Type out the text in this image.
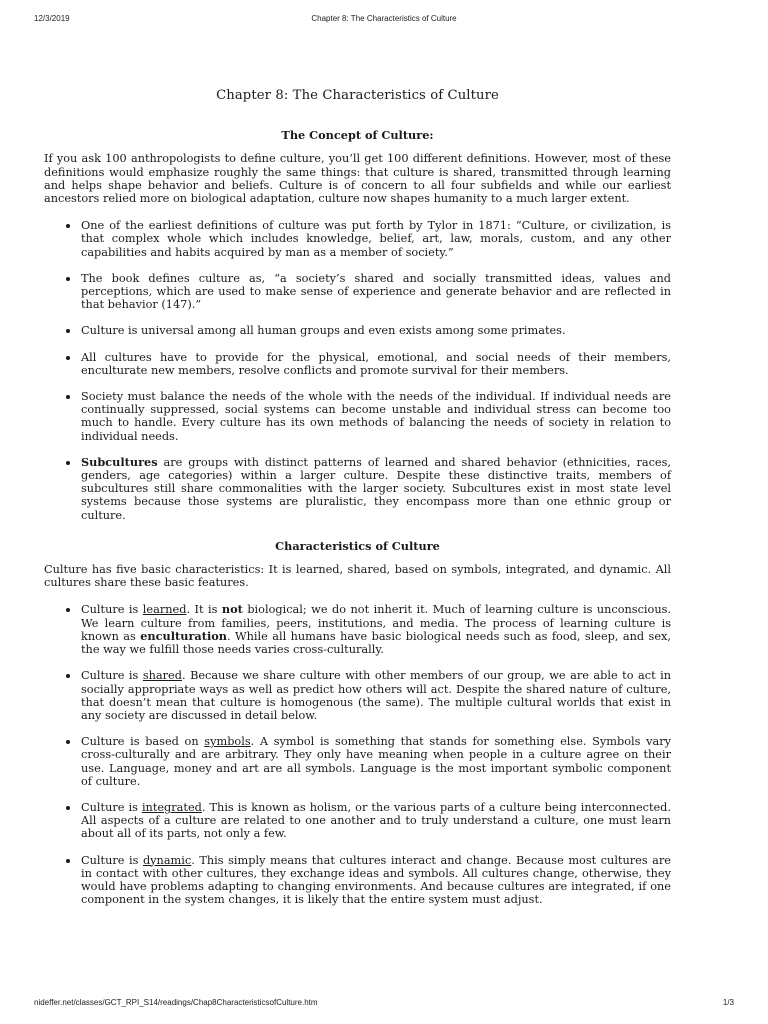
12/3/2019	Chapter 8: The Characteristics of Culture
Chapter 8: The Characteristics of Culture
The Concept of Culture:

If you ask 100 anthropologists to define culture, you’ll get 100 different definitions. However, most of these definitions would emphasize roughly the same things: that culture is shared, transmitted through learning and helps shape behavior and beliefs. Culture is of concern to all four subfields and while our earliest ancestors relied more on biological adaptation, culture now shapes humanity to a much larger extent.

One of the earliest definitions of culture was put forth by Tylor in 1871: “Culture, or civilization, is that complex whole which includes knowledge, belief, art, law, morals, custom, and any other capabilities and habits acquired by man as a member of society.”
The book defines culture as, “a society’s shared and socially transmitted ideas, values and perceptions, which are used to make sense of experience and generate behavior and are reflected in that behavior (147).”
Culture is universal among all human groups and even exists among some primates.
All cultures have to provide for the physical, emotional, and social needs of their members, enculturate new members, resolve conflicts and promote survival for their members.
Society must balance the needs of the whole with the needs of the individual. If individual needs are continually suppressed, social systems can become unstable and individual stress can become too much to handle. Every culture has its own methods of balancing the needs of society in relation to individual needs.
Subcultures are groups with distinct patterns of learned and shared behavior (ethnicities, races, genders, age categories) within a larger culture. Despite these distinctive traits, members of subcultures still share commonalities with the larger society. Subcultures exist in most state level systems because those systems are pluralistic, they encompass more than one ethnic group or culture.
Characteristics of Culture

Culture has five basic characteristics: It is learned, shared, based on symbols, integrated, and dynamic. All cultures share these basic features.

Culture is learned. It is not biological; we do not inherit it. Much of learning culture is unconscious. We learn culture from families, peers, institutions, and media. The process of learning culture is known as enculturation. While all humans have basic biological needs such as food, sleep, and sex, the way we fulfill those needs varies cross-culturally.
Culture is shared. Because we share culture with other members of our group, we are able to act in socially appropriate ways as well as predict how others will act. Despite the shared nature of culture, that doesn’t mean that culture is homogenous (the same). The multiple cultural worlds that exist in any society are discussed in detail below.
Culture is based on symbols. A symbol is something that stands for something else. Symbols vary cross-culturally and are arbitrary. They only have meaning when people in a culture agree on their use. Language, money and art are all symbols. Language is the most important symbolic component of culture.
Culture is integrated. This is known as holism, or the various parts of a culture being interconnected. All aspects of a culture are related to one another and to truly understand a culture, one must learn about all of its parts, not only a few.
Culture is dynamic. This simply means that cultures interact and change. Because most cultures are in contact with other cultures, they exchange ideas and symbols. All cultures change, otherwise, they would have problems adapting to changing environments. And because cultures are integrated, if one component in the system changes, it is likely that the entire system must adjust.
nideffer.net/classes/GCT_RPI_S14/readings/Chap8CharacteristicsofCulture.htm	1/3
